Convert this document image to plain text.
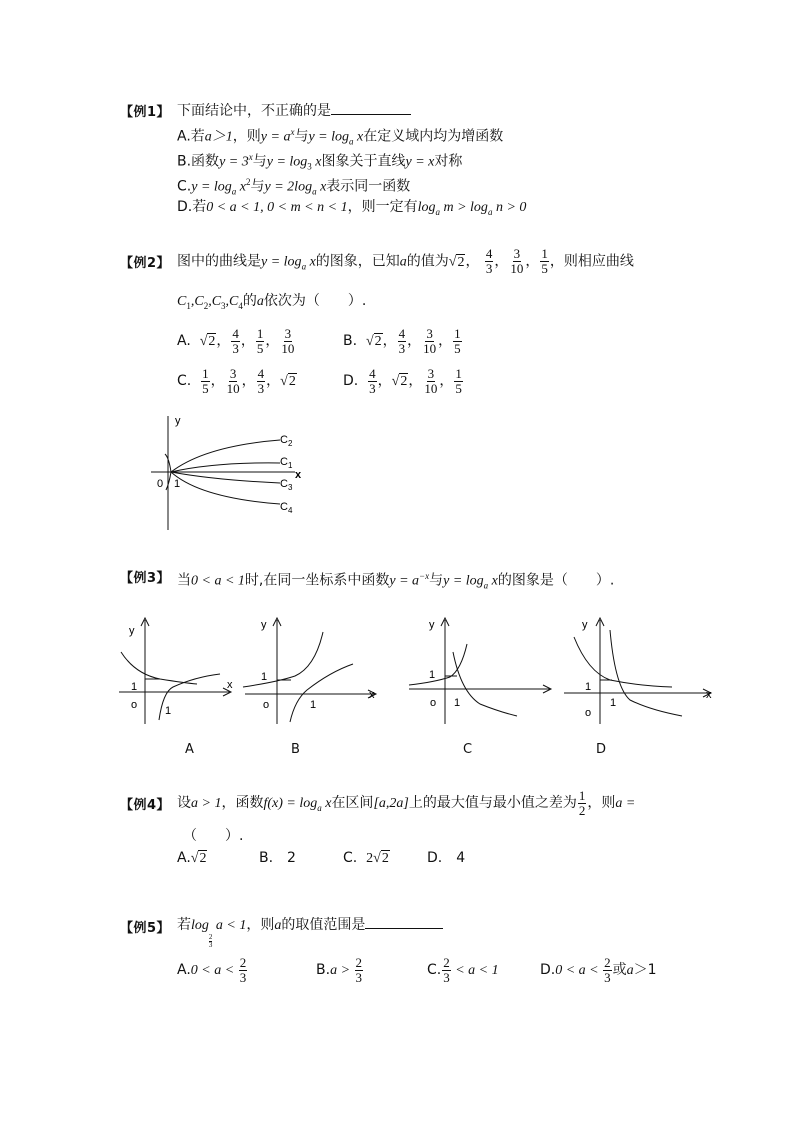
【例1】 下面结论中，不正确的是
A.若a＞1，则$y = a^x$与$y = \log_a x$在定义域内均为增函数
B.函数$y = 3^x$与$y = \log_3 x$图象关于直线y = x对称
$C.y = \log_a x^2$与$y = 2\log_a$ x表示同一函数
D.若0 < a < 1, 0 < m < n < 1，则一定有$\log_a m > \log_a n > 0$
【例2】 图中的曲线是$y = \log_a x$的图象，已知a的值为√2， $\frac{4}{3}$ ， $\frac{3}{10}$ ， $\frac{1}{5}$ ，则相应曲线
$C_1,C_2,C_3,C_4$的a依次为（　　）.
A. √2， $\frac{4}{3}$ ， $\frac{1}{5}$ ， $\frac{3}{10}$	B. √2， $\frac{4}{3}$ ， $\frac{3}{10}$ ， $\frac{1}{5}$
C. $\frac{1}{5}$ ， $\frac{3}{10}$ ， $\frac{4}{3}$ ，√2	D. $\frac{4}{3}$ ，√2， $\frac{3}{10}$ ， $\frac{1}{5}$
y
x
0 1
$C_2$
$C_1$
$C_3$
$C_4$
【例3】 当0 < a < 1时,在同一坐标系中函数$y = a^{-x}$与$y = \log_a x$的图象是（　　）.
y
x
1
o	1
A
y
x
1
o	1
B
y
1
o 1
C
y
x
1
o
1
D
【例4】 设a > 1，函数$f(x) = \log_a x$在区间[a,2a]上的最大值与最小值之差为 $\frac{1}{2}$ ，则a =
（　　）.
A.√2	B.　2	C. 2√2	D.　4
【例5】 若log
$\frac{2}{3}$
a < 1，则a的取值范围是
$A.0 < a < \frac{2}{3}$	$B.a > \frac{2}{3}$	C. $\frac{2}{3} < a < 1$	$D.0 < a < \frac{2}{3}$ 或a＞1
